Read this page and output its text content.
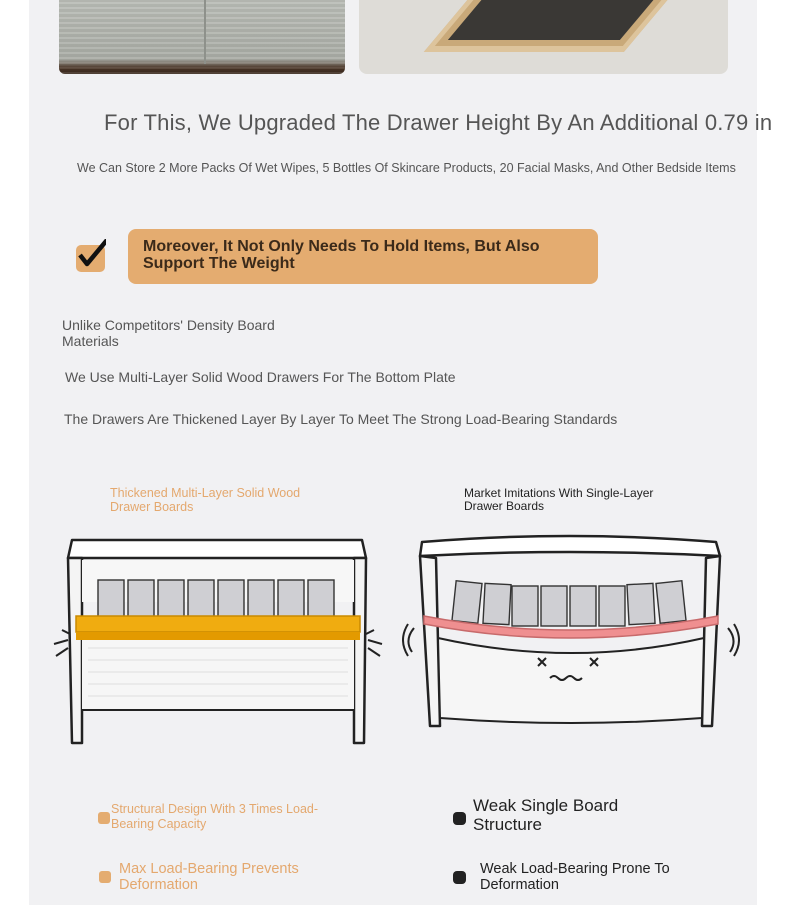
For This, We Upgraded The Drawer Height By An Additional 0.79 in
We Can Store 2 More Packs Of Wet Wipes, 5 Bottles Of Skincare Products, 20 Facial Masks, And Other Bedside Items
Moreover, It Not Only Needs To Hold Items, But Also
Support The Weight
Unlike Competitors' Density Board Materials
We Use Multi-Layer Solid Wood Drawers For The Bottom Plate
The Drawers Are Thickened Layer By Layer To Meet The Strong Load-Bearing Standards
Thickened Multi-Layer Solid Wood Drawer Boards
Market Imitations With Single-Layer Drawer Boards
Structural Design With 3 Times Load-Bearing Capacity
Max Load-Bearing Prevents Deformation
Weak Single Board Structure
Weak Load-Bearing Prone To Deformation
